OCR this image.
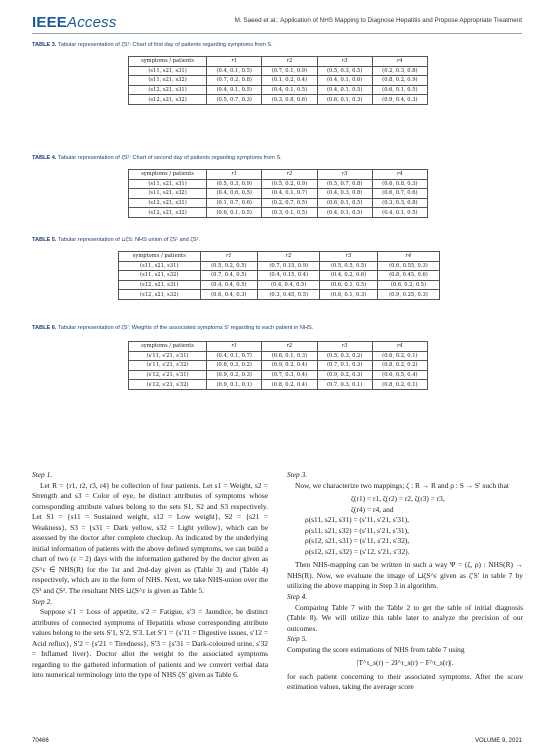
IEEEAccess	M. Saeed et al.: Application of NHS Mapping to Diagnose Hepatitis and Propose Appropriate Treatment
TABLE 3. Tabular representation of ζS¹: Chart of first day of patients regarding symptoms from S.
symptoms / patients	r1	r2	r3	r4
(s11, s21, s31)	(0.4, 0.1, 0.5)	(0.7, 0.1, 0.9)	(0.5, 0.3, 0.5)	(0.2, 0.3, 0.8)
(s11, s21, s32)	(0.7, 0.2, 0.8)	(0.1, 0.2, 0.4)	(0.4, 0.1, 0.6)	(0.8, 0.2, 0.9)
(s12, s21, s31)	(0.4, 0.1, 0.5)	(0.4, 0.1, 0.5)	(0.4, 0.1, 0.5)	(0.6, 0.1, 0.5)
(s12, s21, s32)	(0.5, 0.7, 0.3)	(0.3, 0.8, 0.6)	(0.6, 0.1, 0.3)	(0.9, 0.4, 0.3)
TABLE 4. Tabular representation of ζS²: Chart of second day of patients regarding symptoms from S.
symptoms / patients	r1	r2	r3	r4
(s11, s21, s31)	(0.5, 0.3, 0.9)	(0.5, 0.2, 0.9)	(0.5, 0.7, 0.8)	(0.6, 0.8, 0.3)
(s11, s21, s32)	(0.4, 0.6, 0.5)	(0.4, 0.1, 0.7)	(0.4, 0.3, 0.8)	(0.6, 0.7, 0.6)
(s12, s21, s31)	(0.1, 0.7, 0.6)	(0.2, 0.7, 0.5)	(0.6, 0.1, 0.5)	(0.3, 0.3, 0.8)
(s12, s21, s32)	(0.6, 0.1, 0.5)	(0.3, 0.1, 0.5)	(0.4, 0.1, 0.5)	(0.4, 0.1, 0.5)
TABLE 5. Tabular representation of ⊔ζS: NHS union of ζS¹ and ζS².
symptoms / patients	r1	r2	r3	r4
(s11, s21, s31)	(0.5, 0.2, 0.5)	(0.7, 0.15, 0.9)	(0.5, 0.5, 0.5)	(0.6, 0.55, 0.3)
(s11, s21, s32)	(0.7, 0.4, 0.5)	(0.4, 0.15, 0.4)	(0.4, 0.2, 0.6)	(0.8, 0.45, 0.6)
(s12, s21, s31)	(0.4, 0.4, 0.5)	(0.4, 0.4, 0.5)	(0.6, 0.1, 0.5)	(0.6, 0.2, 0.5)
(s12, s21, s32)	(0.6, 0.4, 0.3)	(0.3, 0.45, 0.5)	(0.6, 0.1, 0.3)	(0.9, 0.25, 0.3)
TABLE 6. Tabular representation of ζS′: Weights of the associated symptoms S′ regarding to each patient in NHS.
symptoms / patients	r1	r2	r3	r4
(s′11, s′21, s′31)	(0.4, 0.1, 0.7)	(0.6, 0.1, 0.3)	(0.5, 0.3, 0.2)	(0.6, 0.2, 0.1)
(s′11, s′21, s′32)	(0.8, 0.3, 0.2)	(0.9, 0.2, 0.4)	(0.7, 0.1, 0.3)	(0.8, 0.2, 0.2)
(s′12, s′21, s′31)	(0.9, 0.2, 0.3)	(0.7, 0.3, 0.4)	(0.9, 0.2, 0.3)	(0.6, 0.5, 0.4)
(s′12, s′21, s′32)	(0.9, 0.1, 0.1)	(0.8, 0.2, 0.4)	(0.7, 0.3, 0.1)	(0.8, 0.2, 0.1)

Step 1.

Let R = {r1, r2, r3, r4} be collection of four patients. Let s1 = Weight, s2 = Strength and s3 = Color of eye, be distinct attributes of symptoms whose corresponding attribute values belong to the sets S1, S2 and S3 respectively. Let S1 = {s11 = Sustained weight, s12 = Low weight}, S2 = {s21 = Weakness}, S3 = {s31 = Dark yellow, s32 = Light yellow}, which can be assessed by the doctor after complete checkup. As indicated by the underlying initial information of patients with the above defined symptoms, we can build a chart of two (ε = 2) days with the information gathered by the doctor given as ζS^ε ∈ NHS(R) for the 1st and 2nd-day given as (Table 3) and (Table 4) respectively, which are in the form of NHS. Next, we take NHS-union over the ζS¹ and ζS². The resultant NHS ⊔ζS^ε is given as Table 5.

Step 2.

Suppose s′1 = Loss of appetite, s′2 = Fatigue, s′3 = Jaundice, be distinct attributes of connected symptoms of Hepatitis whose corresponding attribute values belong to the sets S′1, S′2, S′3. Let S′1 = {s′11 = Digestive issues, s′12 = Acid reflux}, S′2 = {s′21 = Tiredness}, S′3 = {s′31 = Dark-coloured urine, s′32 = Inflamed liver}. Doctor allot the weight to the associated symptoms regarding to the gathered information of patients and we convert verbal data into numerical terminology into the type of NHS ζS′ given as Table 6.

Step 3.

Now, we characterize two mappings; ζ : R → R and ρ : S → S′ such that

ζ(r1) = r1, ζ(r2) = r2, ζ(r3) = r3,

ζ(r4) = r4, and

ρ(s11, s21, s31) = (s′11, s′21, s′31),

ρ(s11, s21, s32) = (s′11, s′21, s′31),

ρ(s12, s21, s31) = (s′11, s′21, s′32),

ρ(s12, s21, s32) = (s′12, s′21, s′32).

Then NHS-mapping can be written in such a way Ψ = (ζ, ρ) : NHS(R) → NHS(R). Now, we evaluate the image of ⊔ζS^ε given as ζ′S′ in table 7 by utilizing the above mapping in Step 3 in algorithm.

Step 4.

Comparing Table 7 with the Table 2 to get the table of initial diagnosis (Table 8). We will utilize this table later to analyze the precision of our outcomes.

Step 5.

Computing the score estimations of NHS from table 7 using

|T^τ_s(r) − 2I^τ_s(r) − F^τ_s(r)|.

for each patient concerning to their associated symptoms. After the score estimation values, taking the average score

70466	VOLUME 9, 2021
